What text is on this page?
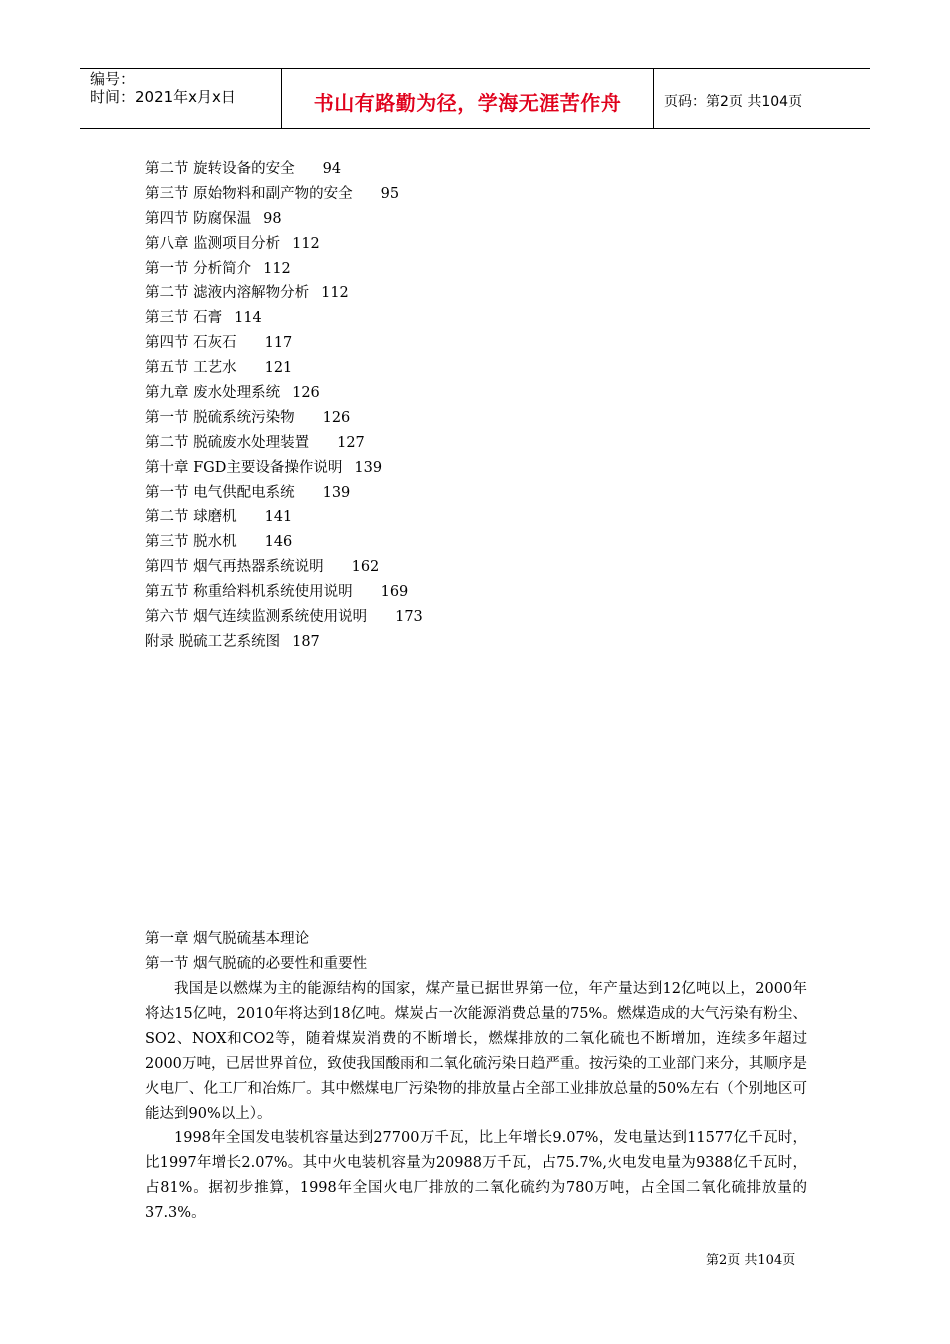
编号：
时间：2021年x月x日	书山有路勤为径，学海无涯苦作舟	页码：第2页 共104页
第二节 旋转设备的安全 94
第三节 原始物料和副产物的安全 95
第四节 防腐保温 98
第八章 监测项目分析 112
第一节 分析简介 112
第二节 滤液内溶解物分析 112
第三节 石膏 114
第四节 石灰石 117
第五节 工艺水 121
第九章 废水处理系统 126
第一节 脱硫系统污染物 126
第二节 脱硫废水处理装置 127
第十章 FGD主要设备操作说明 139
第一节 电气供配电系统 139
第二节 球磨机 141
第三节 脱水机 146
第四节 烟气再热器系统说明 162
第五节 称重给料机系统使用说明 169
第六节 烟气连续监测系统使用说明 173
附录 脱硫工艺系统图 187
第一章 烟气脱硫基本理论
第一节 烟气脱硫的必要性和重要性

我国是以燃煤为主的能源结构的国家，煤产量已据世界第一位，年产量达到12亿吨以上，2000年将达15亿吨，2010年将达到18亿吨。煤炭占一次能源消费总量的75%。燃煤造成的大气污染有粉尘、SO2、NOX和CO2等，随着煤炭消费的不断增长，燃煤排放的二氧化硫也不断增加，连续多年超过2000万吨，已居世界首位，致使我国酸雨和二氧化硫污染日趋严重。按污染的工业部门来分，其顺序是火电厂、化工厂和冶炼厂。其中燃煤电厂污染物的排放量占全部工业排放总量的50%左右（个别地区可能达到90%以上）。

1998年全国发电装机容量达到27700万千瓦，比上年增长9.07%，发电量达到11577亿千瓦时，比1997年增长2.07%。其中火电装机容量为20988万千瓦，占75.7%,火电发电量为9388亿千瓦时，占81%。据初步推算，1998年全国火电厂排放的二氧化硫约为780万吨，占全国二氧化硫排放量的37.3%。

第2页 共104页
